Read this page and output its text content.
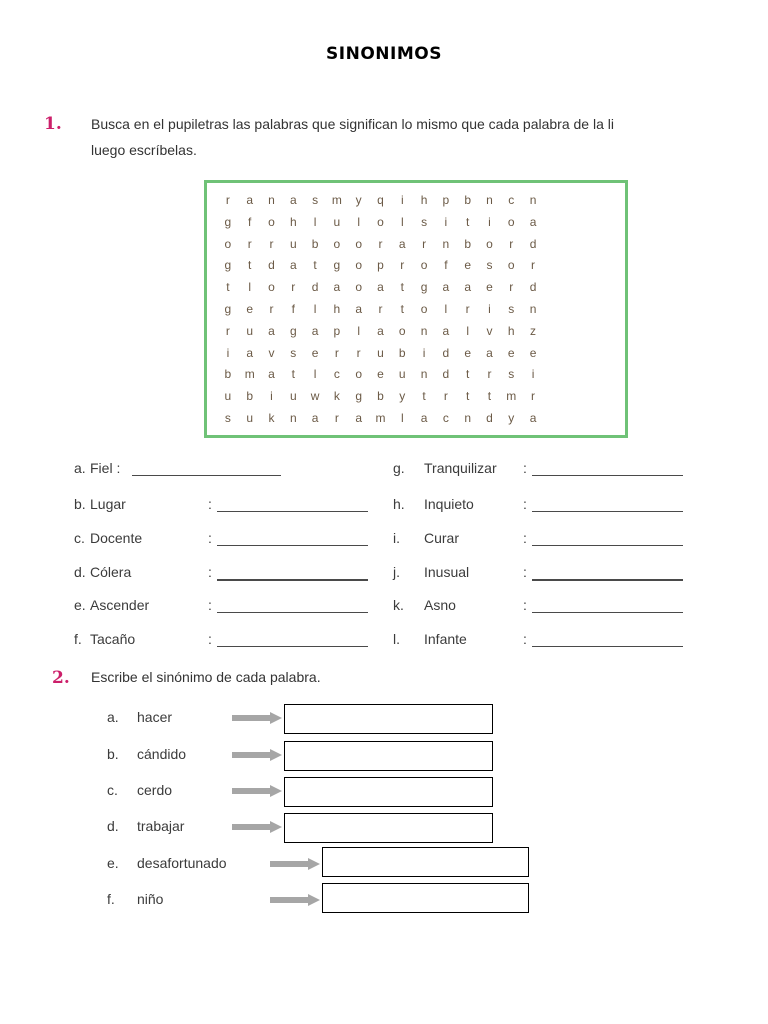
SINONIMOS
1. Busca en el pupiletras las palabras que significan lo mismo que cada palabra de la li
luego escríbelas.
r	a	n	a	s	m	y	q	i	h	p	b	n	c	n
g	f	o	h	l	u	l	o	l	s	i	t	i	o	a
o	r	r	u	b	o	o	r	a	r	n	b	o	r	d
g	t	d	a	t	g	o	p	r	o	f	e	s	o	r
t	l	o	r	d	a	o	a	t	g	a	a	e	r	d
g	e	r	f	l	h	a	r	t	o	l	r	i	s	n
r	u	a	g	a	p	l	a	o	n	a	l	v	h	z
i	a	v	s	e	r	r	u	b	i	d	e	a	e	e
b	m	a	t	l	c	o	e	u	n	d	t	r	s	i
u	b	i	u	w	k	g	b	y	t	r	t	t	m	r
s	u	k	n	a	r	a	m	l	a	c	n	d	y	a
a. Fiel :
b. Lugar	:
c. Docente	:
d. Cólera	:
e. Ascender	:
f. Tacaño	:
g. Tranquilizar :
h. Inquieto	:
i. Curar	:
j. Inusual	:
k. Asno	:
l. Infante	:
2. Escribe el sinónimo de cada palabra.
a. hacer
b. cándido
c. cerdo
d. trabajar
e. desafortunado
f. niño
